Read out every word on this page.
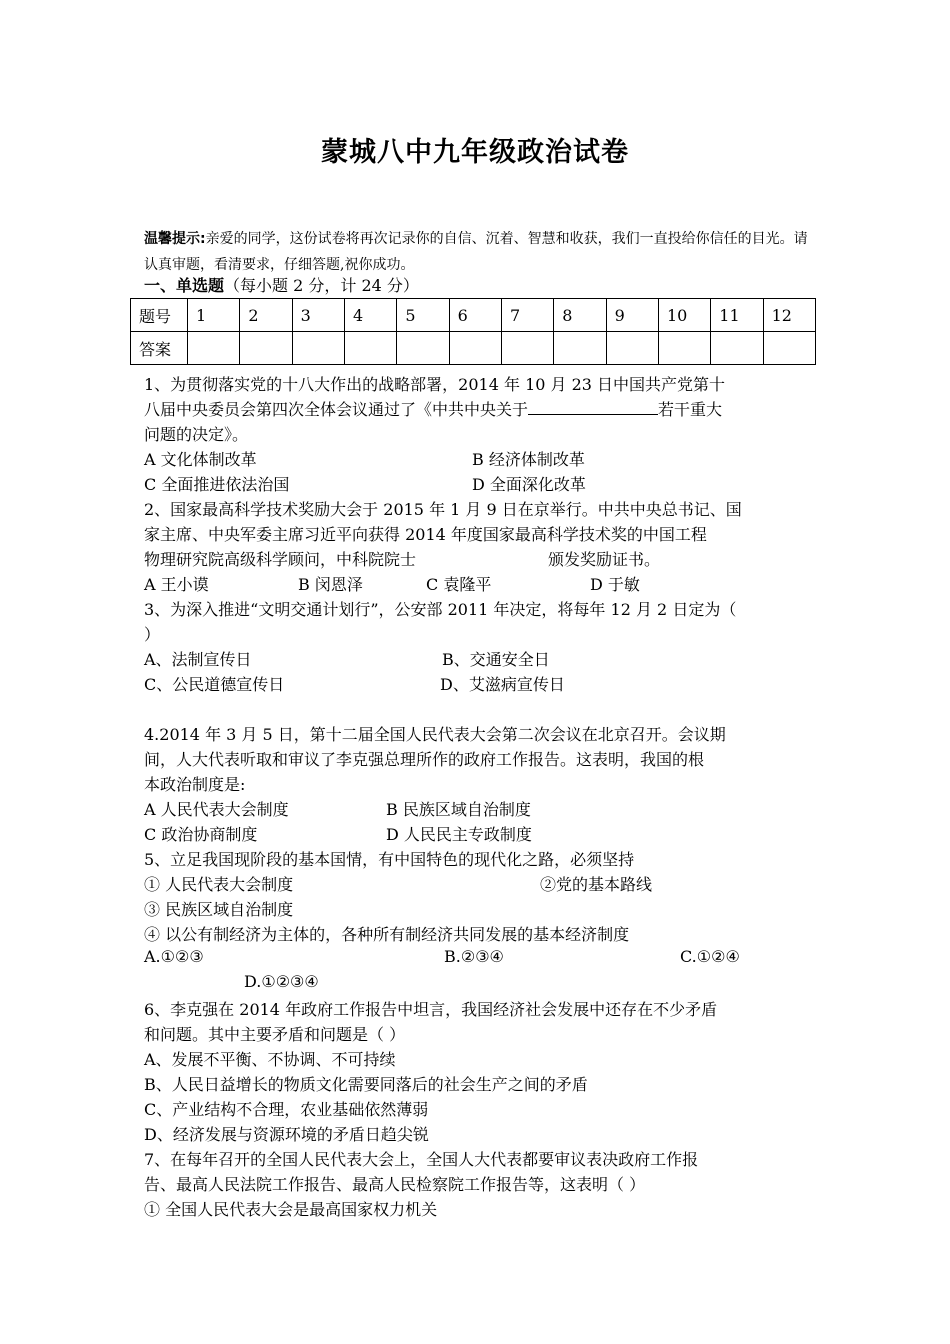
蒙城八中九年级政治试卷
温馨提示:亲爱的同学，这份试卷将再次记录你的自信、沉着、智慧和收获，我们一直投给你信任的目光。请认真审题，看清要求，仔细答题,祝你成功。
一、单选题（每小题 2 分，计 24 分）
题号	1	2	3	4	5	6	7	8	9	10	11	12
答案												
1、为贯彻落实党的十八大作出的战略部署，2014 年 10 月 23 日中国共产党第十
八届中央委员会第四次全体会议通过了《中共中央关于	若干重大
问题的决定》。
A 文化体制改革	B 经济体制改革
C 全面推进依法治国	D 全面深化改革
2、国家最高科学技术奖励大会于 2015 年 1 月 9 日在京举行。中共中央总书记、国
家主席、中央军委主席习近平向获得 2014 年度国家最高科学技术奖的中国工程
物理研究院高级科学顾问，中科院院士	颁发奖励证书。
A 王小谟	B 闵恩泽	C 袁隆平	D 于敏
3、为深入推进“文明交通计划行”，公安部 2011 年决定，将每年 12 月 2 日定为（
）
A、法制宣传日	B、交通安全日
C、公民道德宣传日	D、艾滋病宣传日
4.2014 年 3 月 5 日，第十二届全国人民代表大会第二次会议在北京召开。会议期
间，人大代表听取和审议了李克强总理所作的政府工作报告。这表明，我国的根
本政治制度是:
A 人民代表大会制度	B 民族区域自治制度
C 政治协商制度	D 人民民主专政制度
5、立足我国现阶段的基本国情，有中国特色的现代化之路，必须坚持
① 人民代表大会制度	②党的基本路线
③ 民族区域自治制度
④ 以公有制经济为主体的，各种所有制经济共同发展的基本经济制度
A.①②③	B.②③④	C.①②④
D.①②③④
6、李克强在 2014 年政府工作报告中坦言，我国经济社会发展中还存在不少矛盾
和问题。其中主要矛盾和问题是（ ）
A、发展不平衡、不协调、不可持续
B、人民日益增长的物质文化需要同落后的社会生产之间的矛盾
C、产业结构不合理，农业基础依然薄弱
D、经济发展与资源环境的矛盾日趋尖锐
7、在每年召开的全国人民代表大会上，全国人大代表都要审议表决政府工作报
告、最高人民法院工作报告、最高人民检察院工作报告等，这表明（ ）
① 全国人民代表大会是最高国家权力机关
